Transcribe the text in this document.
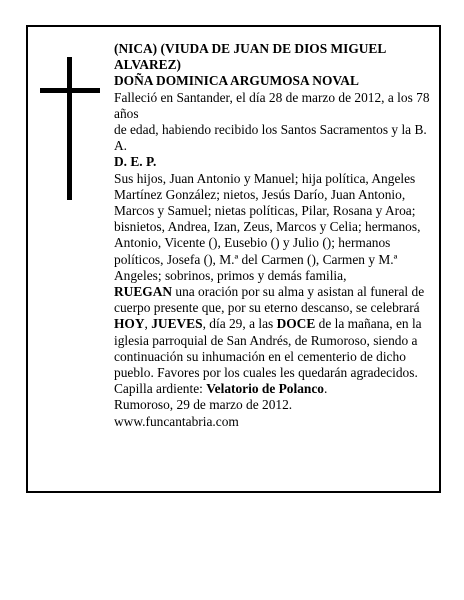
(NICA) (VIUDA DE JUAN DE DIOS MIGUEL ALVAREZ)

DOÑA DOMINICA ARGUMOSA NOVAL

Falleció en Santander, el día 28 de marzo de 2012, a los 78 años

de edad, habiendo recibido los Santos Sacramentos y la B. A.

D. E. P.

Sus hijos, Juan Antonio y Manuel; hija política, Angeles Martínez González; nietos, Jesús Darío, Juan Antonio, Marcos y Samuel; nietas políticas, Pilar, Rosana y Aroa; bisnietos, Andrea, Izan, Zeus, Marcos y Celia; hermanos, Antonio, Vicente (), Eusebio () y Julio (); hermanos políticos, Josefa (), M.ª del Carmen (), Carmen y M.ª Angeles; sobrinos, primos y demás familia,

RUEGAN una oración por su alma y asistan al funeral de cuerpo presente que, por su eterno descanso, se celebrará HOY, JUEVES, día 29, a las DOCE de la mañana, en la iglesia parroquial de San Andrés, de Rumoroso, siendo a continuación su inhumación en el cementerio de dicho pueblo. Favores por los cuales les quedarán agradecidos.

Capilla ardiente: Velatorio de Polanco.

Rumoroso, 29 de marzo de 2012.

www.funcantabria.com
